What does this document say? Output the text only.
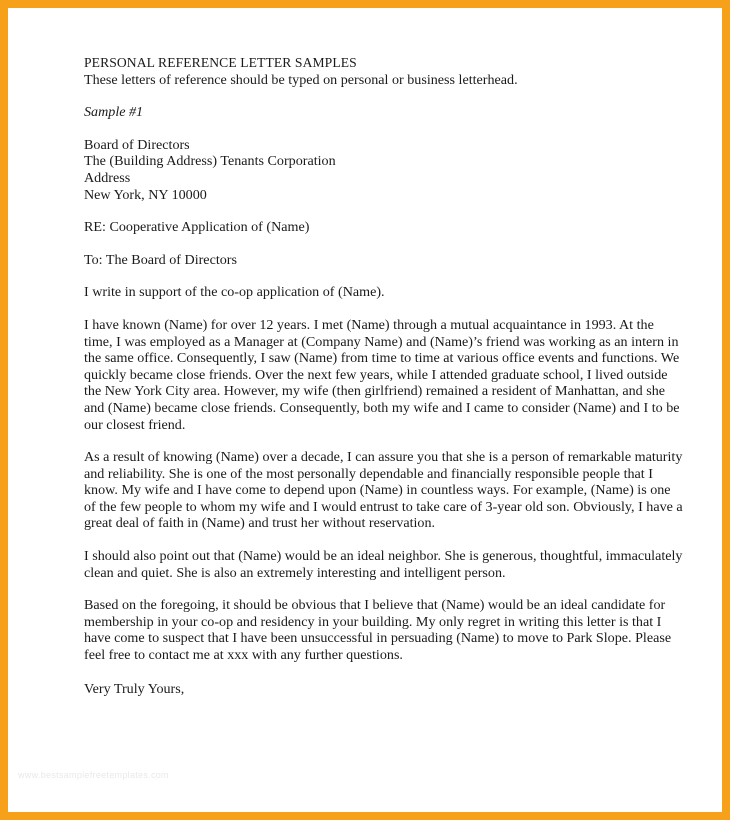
PERSONAL REFERENCE LETTER SAMPLES
These letters of reference should be typed on personal or business letterhead.
Sample #1
Board of Directors
The (Building Address) Tenants Corporation
Address
New York, NY 10000
RE: Cooperative Application of (Name)
To: The Board of Directors

I write in support of the co-op application of (Name).

I have known (Name) for over 12 years. I met (Name) through a mutual acquaintance in 1993. At the time, I was employed as a Manager at (Company Name) and (Name)’s friend was working as an intern in the same office. Consequently, I saw (Name) from time to time at various office events and functions. We quickly became close friends. Over the next few years, while I attended graduate school, I lived outside the New York City area. However, my wife (then girlfriend) remained a resident of Manhattan, and she and (Name) became close friends. Consequently, both my wife and I came to consider (Name) and I to be our closest friend.

As a result of knowing (Name) over a decade, I can assure you that she is a person of remarkable maturity and reliability. She is one of the most personally dependable and financially responsible people that I know. My wife and I have come to depend upon (Name) in countless ways. For example, (Name) is one of the few people to whom my wife and I would entrust to take care of 3-year old son. Obviously, I have a great deal of faith in (Name) and trust her without reservation.

I should also point out that (Name) would be an ideal neighbor. She is generous, thoughtful, immaculately clean and quiet. She is also an extremely interesting and intelligent person.

Based on the foregoing, it should be obvious that I believe that (Name) would be an ideal candidate for membership in your co-op and residency in your building. My only regret in writing this letter is that I have come to suspect that I have been unsuccessful in persuading (Name) to move to Park Slope. Please feel free to contact me at xxx with any further questions.

Very Truly Yours,
www.bestsamplefreetemplates.com
